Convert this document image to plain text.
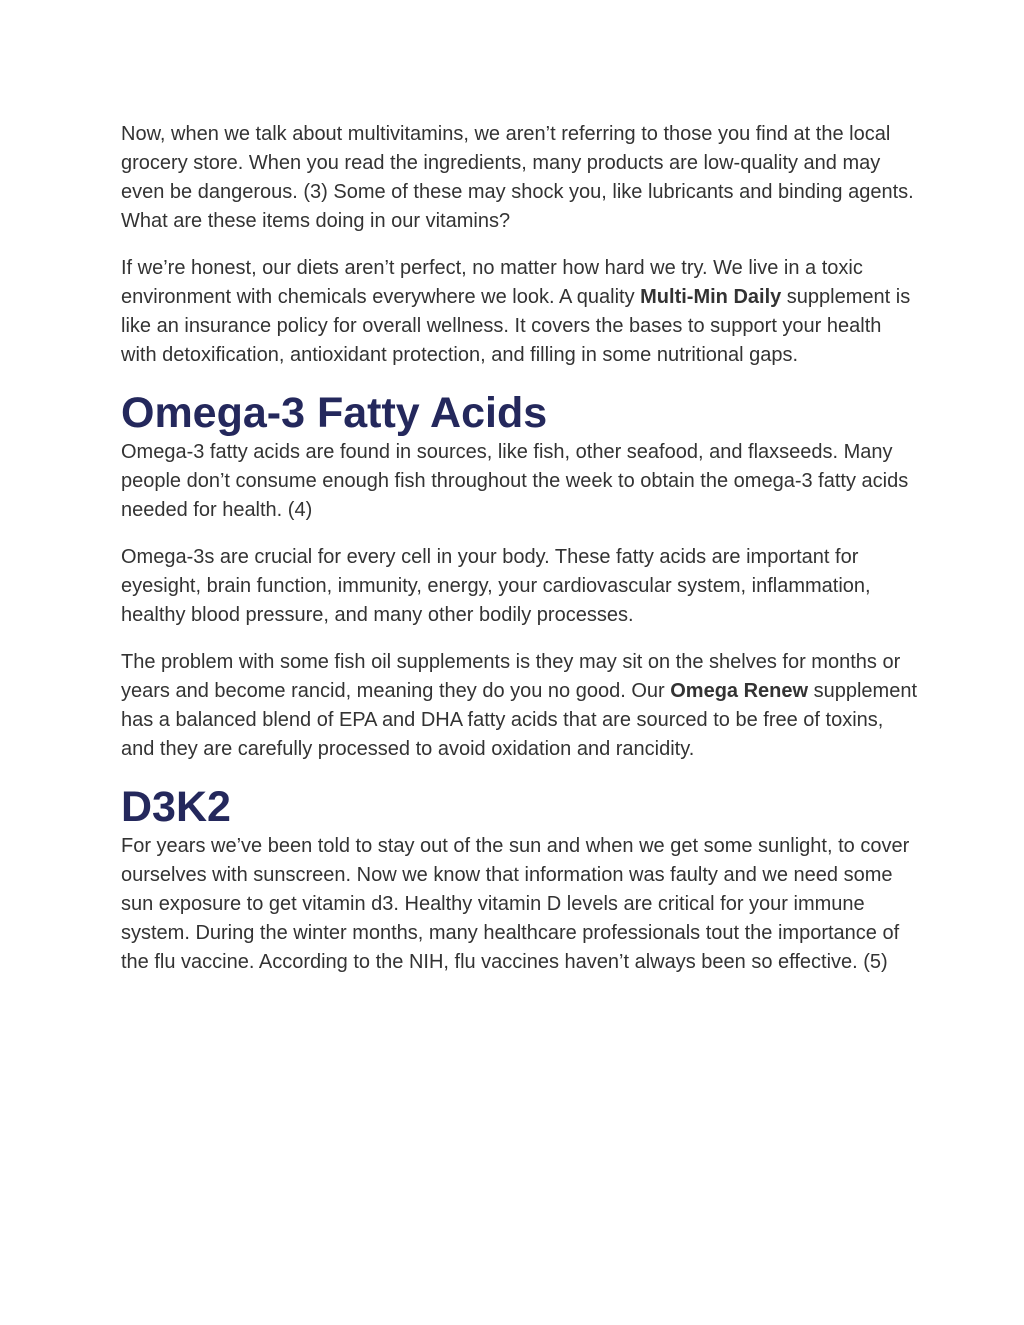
Now, when we talk about multivitamins, we aren’t referring to those you find at the local grocery store. When you read the ingredients, many products are low-quality and may even be dangerous. (3) Some of these may shock you, like lubricants and binding agents. What are these items doing in our vitamins?

If we’re honest, our diets aren’t perfect, no matter how hard we try. We live in a toxic environment with chemicals everywhere we look. A quality Multi-Min Daily supplement is like an insurance policy for overall wellness. It covers the bases to support your health with detoxification, antioxidant protection, and filling in some nutritional gaps.

Omega-3 Fatty Acids

Omega-3 fatty acids are found in sources, like fish, other seafood, and flaxseeds. Many people don’t consume enough fish throughout the week to obtain the omega-3 fatty acids needed for health. (4)

Omega-3s are crucial for every cell in your body. These fatty acids are important for eyesight, brain function, immunity, energy, your cardiovascular system, inflammation, healthy blood pressure, and many other bodily processes.

The problem with some fish oil supplements is they may sit on the shelves for months or years and become rancid, meaning they do you no good. Our Omega Renew supplement has a balanced blend of EPA and DHA fatty acids that are sourced to be free of toxins, and they are carefully processed to avoid oxidation and rancidity.

D3K2

For years we’ve been told to stay out of the sun and when we get some sunlight, to cover ourselves with sunscreen. Now we know that information was faulty and we need some sun exposure to get vitamin d3. Healthy vitamin D levels are critical for your immune system. During the winter months, many healthcare professionals tout the importance of the flu vaccine. According to the NIH, flu vaccines haven’t always been so effective. (5)
